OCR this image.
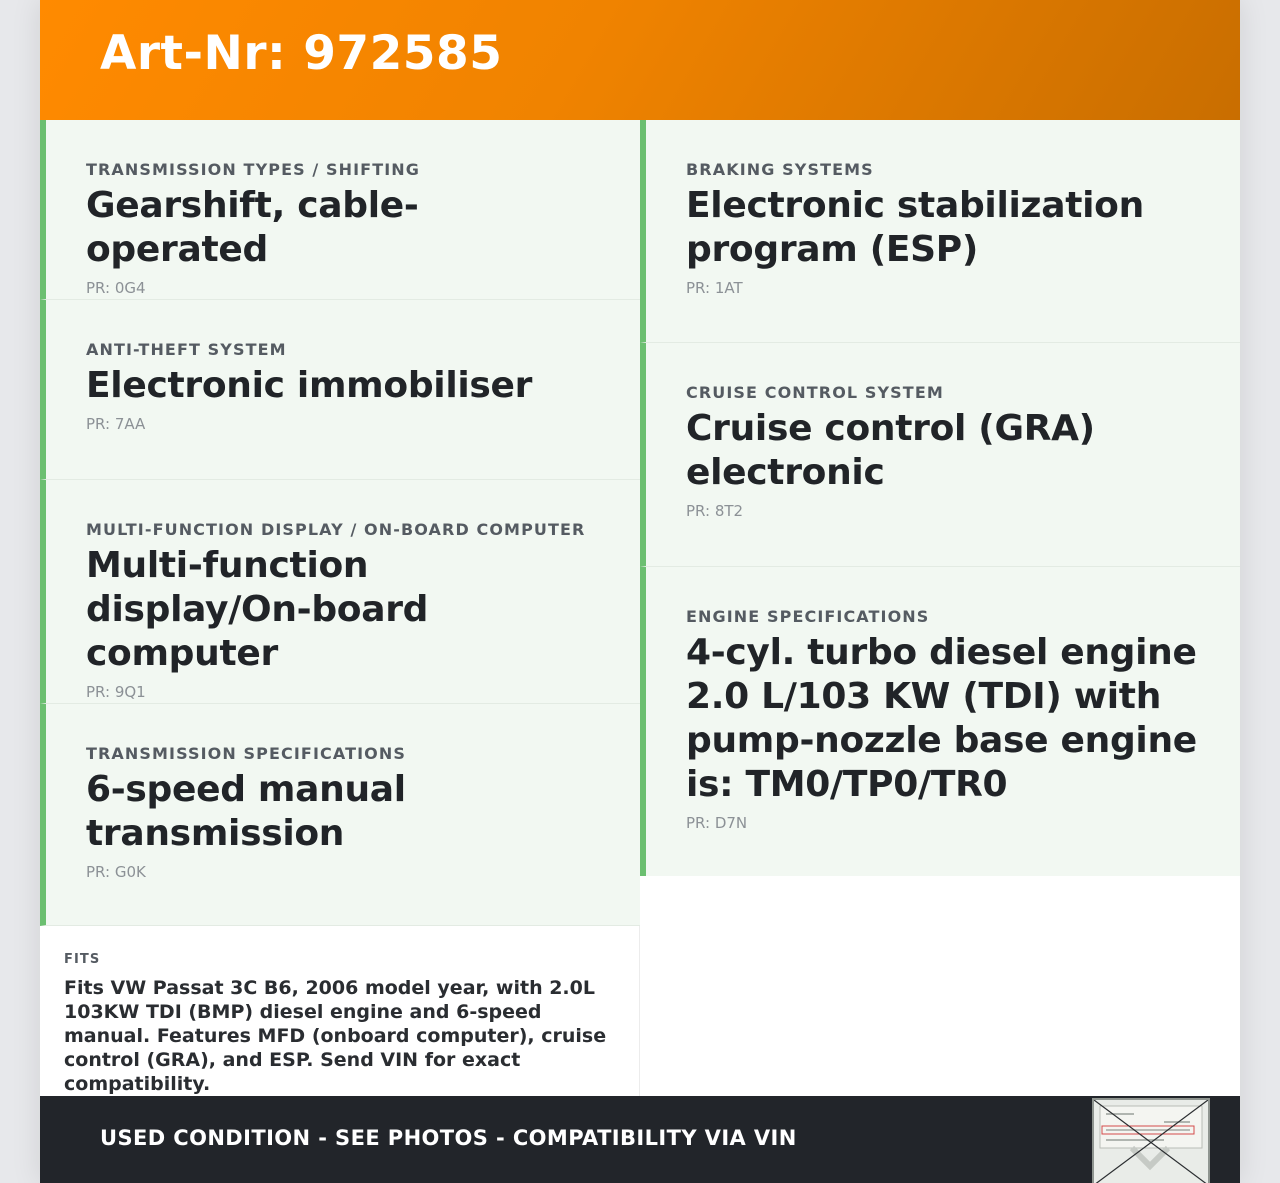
Art-Nr: 972585
TRANSMISSION TYPES / SHIFTING
Gearshift, cable-operated
PR: 0G4
ANTI-THEFT SYSTEM
Electronic immobiliser
PR: 7AA
MULTI-FUNCTION DISPLAY / ON-BOARD COMPUTER
Multi-function display/On-board computer
PR: 9Q1
TRANSMISSION SPECIFICATIONS
6-speed manual transmission
PR: G0K
BRAKING SYSTEMS
Electronic stabilization program (ESP)
PR: 1AT
CRUISE CONTROL SYSTEM
Cruise control (GRA) electronic
PR: 8T2
ENGINE SPECIFICATIONS
4-cyl. turbo diesel engine 2.0 L/103 KW (TDI) with pump-nozzle base engine is: TM0/TP0/TR0
PR: D7N
FITS
Fits VW Passat 3C B6, 2006 model year, with 2.0L 103KW TDI (BMP) diesel engine and 6-speed manual. Features MFD (onboard computer), cruise control (GRA), and ESP. Send VIN for exact compatibility.
USED CONDITION - SEE PHOTOS - COMPATIBILITY VIA VIN
